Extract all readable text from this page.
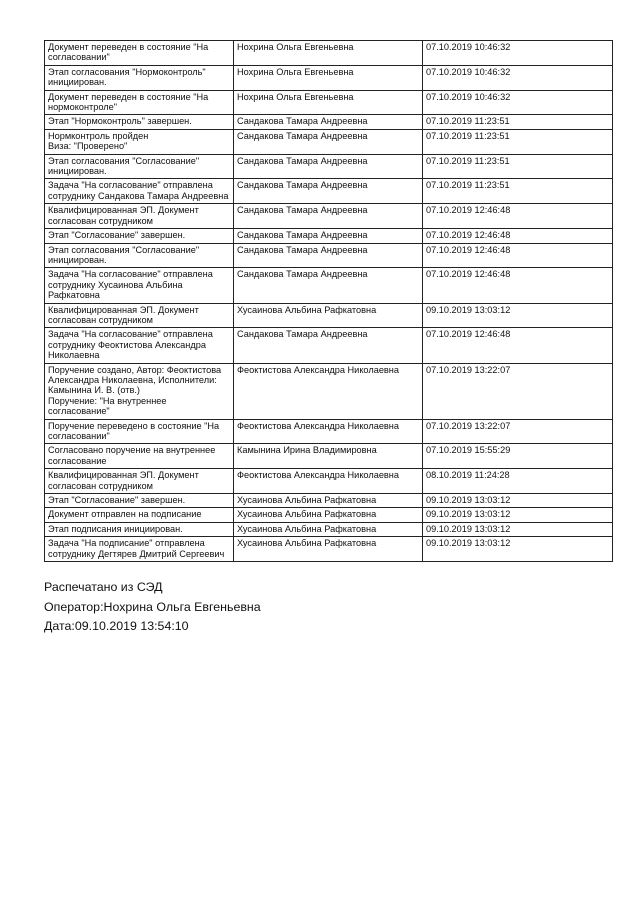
Документ переведен в состояние "На согласовании"	Нохрина Ольга Евгеньевна	07.10.2019 10:46:32
Этап согласования "Нормоконтроль" инициирован.	Нохрина Ольга Евгеньевна	07.10.2019 10:46:32
Документ переведен в состояние "На нормоконтроле"	Нохрина Ольга Евгеньевна	07.10.2019 10:46:32
Этап "Нормоконтроль" завершен.	Сандакова Тамара Андреевна	07.10.2019 11:23:51
Нормконтроль пройден
Виза: "Проверено"	Сандакова Тамара Андреевна	07.10.2019 11:23:51
Этап согласования "Согласование" инициирован.	Сандакова Тамара Андреевна	07.10.2019 11:23:51
Задача "На согласование" отправлена сотруднику Сандакова Тамара Андреевна	Сандакова Тамара Андреевна	07.10.2019 11:23:51
Квалифицированная ЭП. Документ согласован сотрудником	Сандакова Тамара Андреевна	07.10.2019 12:46:48
Этап "Согласование" завершен.	Сандакова Тамара Андреевна	07.10.2019 12:46:48
Этап согласования "Согласование" инициирован.	Сандакова Тамара Андреевна	07.10.2019 12:46:48
Задача "На согласование" отправлена сотруднику Хусаинова Альбина Рафкатовна	Сандакова Тамара Андреевна	07.10.2019 12:46:48
Квалифицированная ЭП. Документ согласован сотрудником	Хусаинова Альбина Рафкатовна	09.10.2019 13:03:12
Задача "На согласование" отправлена сотруднику Феоктистова Александра Николаевна	Сандакова Тамара Андреевна	07.10.2019 12:46:48
Поручение создано, Автор: Феоктистова Александра Николаевна, Исполнители: Камынина И. В. (отв.)
Поручение: "На внутреннее согласование"	Феоктистова Александра Николаевна	07.10.2019 13:22:07
Поручение переведено в состояние "На согласовании"	Феоктистова Александра Николаевна	07.10.2019 13:22:07
Согласовано поручение на внутреннее согласование	Камынина Ирина Владимировна	07.10.2019 15:55:29
Квалифицированная ЭП. Документ согласован сотрудником	Феоктистова Александра Николаевна	08.10.2019 11:24:28
Этап "Согласование" завершен.	Хусаинова Альбина Рафкатовна	09.10.2019 13:03:12
Документ отправлен на подписание	Хусаинова Альбина Рафкатовна	09.10.2019 13:03:12
Этап подписания инициирован.	Хусаинова Альбина Рафкатовна	09.10.2019 13:03:12
Задача "На подписание" отправлена сотруднику Дегтярев Дмитрий Сергеевич	Хусаинова Альбина Рафкатовна	09.10.2019 13:03:12
Распечатано из СЭД
Оператор:Нохрина Ольга Евгеньевна
Дата:09.10.2019 13:54:10
